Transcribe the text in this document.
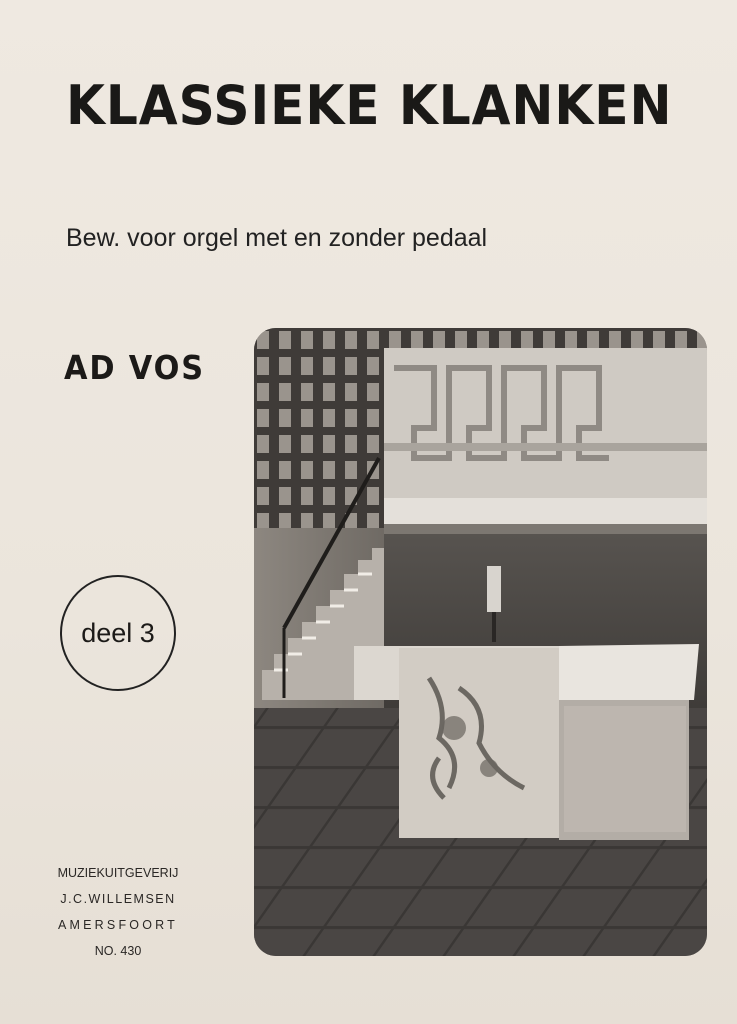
KLASSIEKE KLANKEN
Bew. voor orgel met en zonder pedaal
AD VOS
deel 3
MUZIEKUITGEVERIJ
J.C.WILLEMSEN
AMERSFOORT
NO. 430
